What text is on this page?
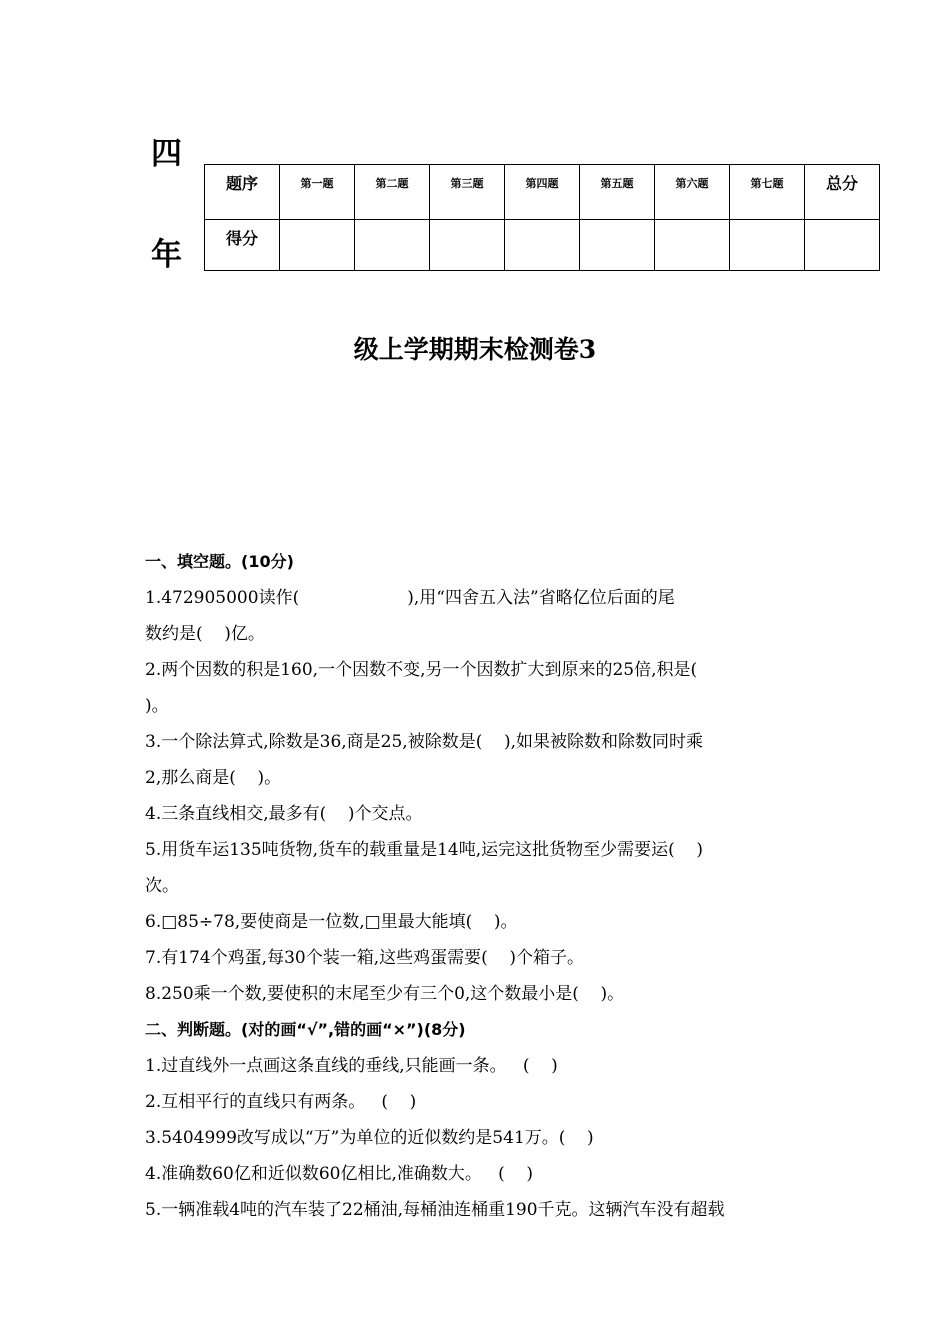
四
年
题序	第一题	第二题	第三题	第四题	第五题	第六题	第七题	总分
得分								
级上学期期末检测卷3
一、填空题。(10分)
1.472905000读作(                    ),用“四舍五入法”省略亿位后面的尾
数约是(    )亿。
2.两个因数的积是160,一个因数不变,另一个因数扩大到原来的25倍,积是(
)。
3.一个除法算式,除数是36,商是25,被除数是(    ),如果被除数和除数同时乘
2,那么商是(    )。
4.三条直线相交,最多有(    )个交点。
5.用货车运135吨货物,货车的载重量是14吨,运完这批货物至少需要运(    )
次。
6.□85÷78,要使商是一位数,□里最大能填(    )。
7.有174个鸡蛋,每30个装一箱,这些鸡蛋需要(    )个箱子。
8.250乘一个数,要使积的末尾至少有三个0,这个数最小是(    )。
二、判断题。(对的画“√”,错的画“×”)(8分)
1.过直线外一点画这条直线的垂线,只能画一条。   (    )
2.互相平行的直线只有两条。   (    )
3.5404999改写成以“万”为单位的近似数约是541万。(    )
4.准确数60亿和近似数60亿相比,准确数大。   (    )
5.一辆准载4吨的汽车装了22桶油,每桶油连桶重190千克。这辆汽车没有超载
